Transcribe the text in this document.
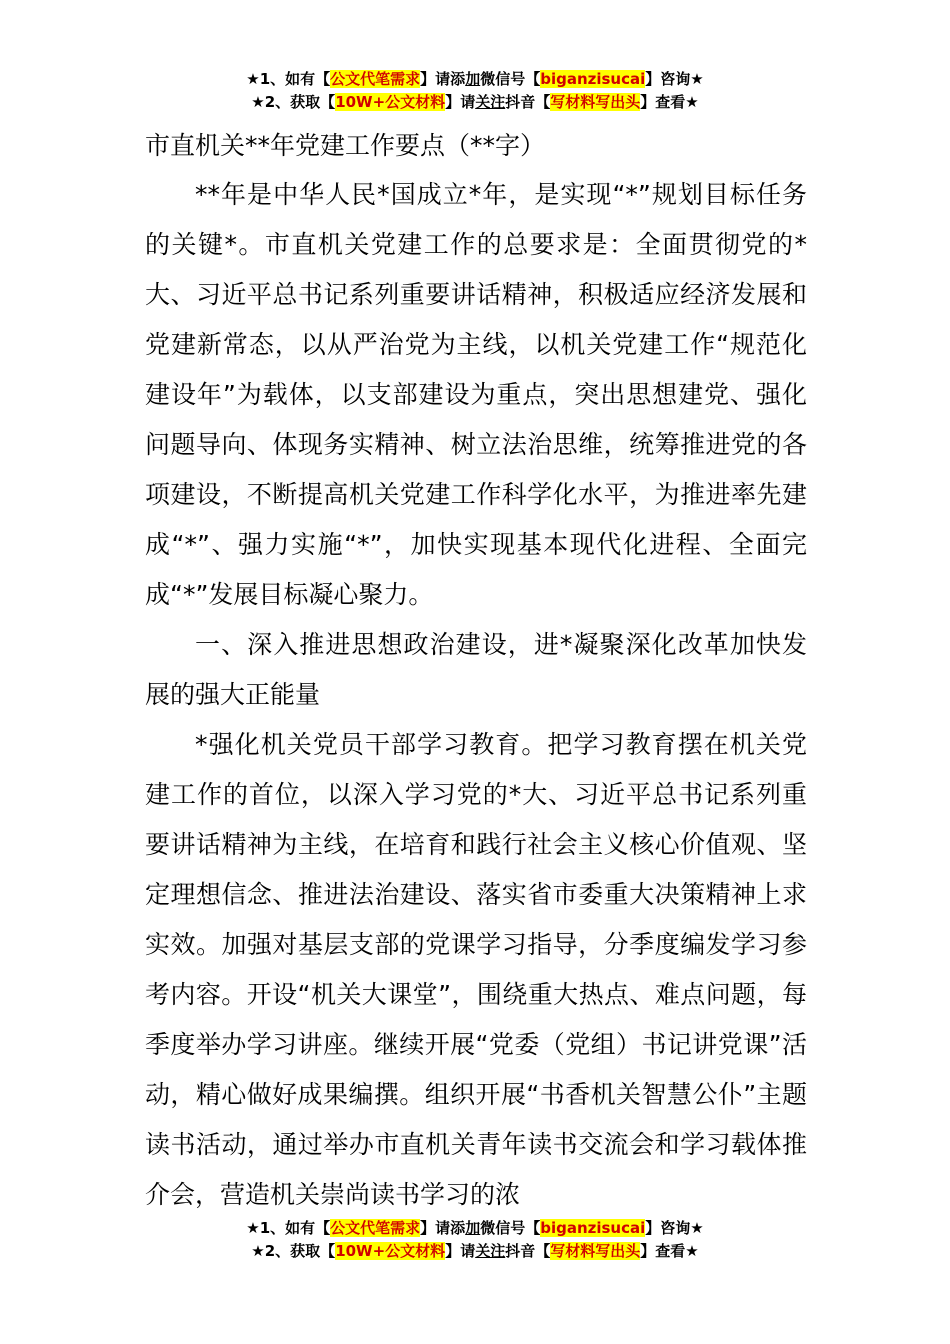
★1、如有【公文代笔需求】请添加微信号【biganzisucai】咨询★
★2、获取【10W+公文材料】请关注抖音【写材料写出头】查看★
市直机关**年党建工作要点（**字）

**年是中华人民*国成立*年，是实现“*”规划目标任务的关键*。市直机关党建工作的总要求是：全面贯彻党的*大、习近平总书记系列重要讲话精神，积极适应经济发展和党建新常态，以从严治党为主线，以机关党建工作“规范化建设年”为载体，以支部建设为重点，突出思想建党、强化问题导向、体现务实精神、树立法治思维，统筹推进党的各项建设，不断提高机关党建工作科学化水平，为推进率先建成“*”、强力实施“*”，加快实现基本现代化进程、全面完成“*”发展目标凝心聚力。

一、深入推进思想政治建设，进*凝聚深化改革加快发展的强大正能量

*强化机关党员干部学习教育。把学习教育摆在机关党建工作的首位，以深入学习党的*大、习近平总书记系列重要讲话精神为主线，在培育和践行社会主义核心价值观、坚定理想信念、推进法治建设、落实省市委重大决策精神上求实效。加强对基层支部的党课学习指导，分季度编发学习参考内容。开设“机关大课堂”，围绕重大热点、难点问题，每季度举办学习讲座。继续开展“党委（党组）书记讲党课”活动，精心做好成果编撰。组织开展“书香机关智慧公仆”主题读书活动，通过举办市直机关青年读书交流会和学习载体推介会，营造机关崇尚读书学习的浓

★1、如有【公文代笔需求】请添加微信号【biganzisucai】咨询★
★2、获取【10W+公文材料】请关注抖音【写材料写出头】查看★
